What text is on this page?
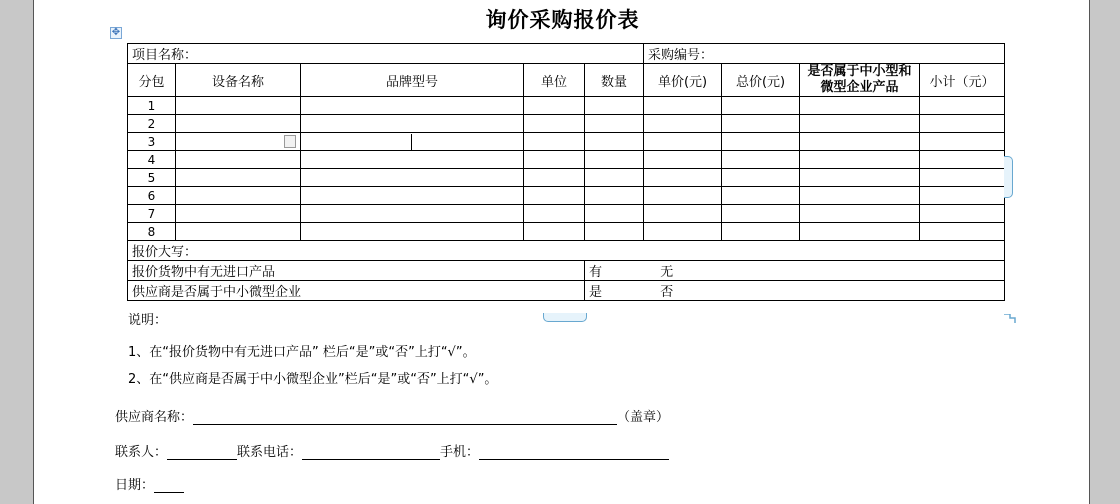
询价采购报价表
✥
项目名称：					采购编号：			
分包	设备名称	品牌型号	单位	数量	单价(元)	总价(元)	是否属于中小型和微型企业产品	小计（元）
1								
2								
3	

4								
5								
6								
7								
8								
报价大写：								
报价货物中有无进口产品				有 无				
供应商是否属于中小微型企业				是 否				
说明：
1、在“报价货物中有无进口产品” 栏后“是”或“否”上打“√”。
2、在“供应商是否属于中小微型企业”栏后“是”或“否”上打“√”。
供应商名称：	（盖章）
联系人：	联系电话：	手机：
日期：
